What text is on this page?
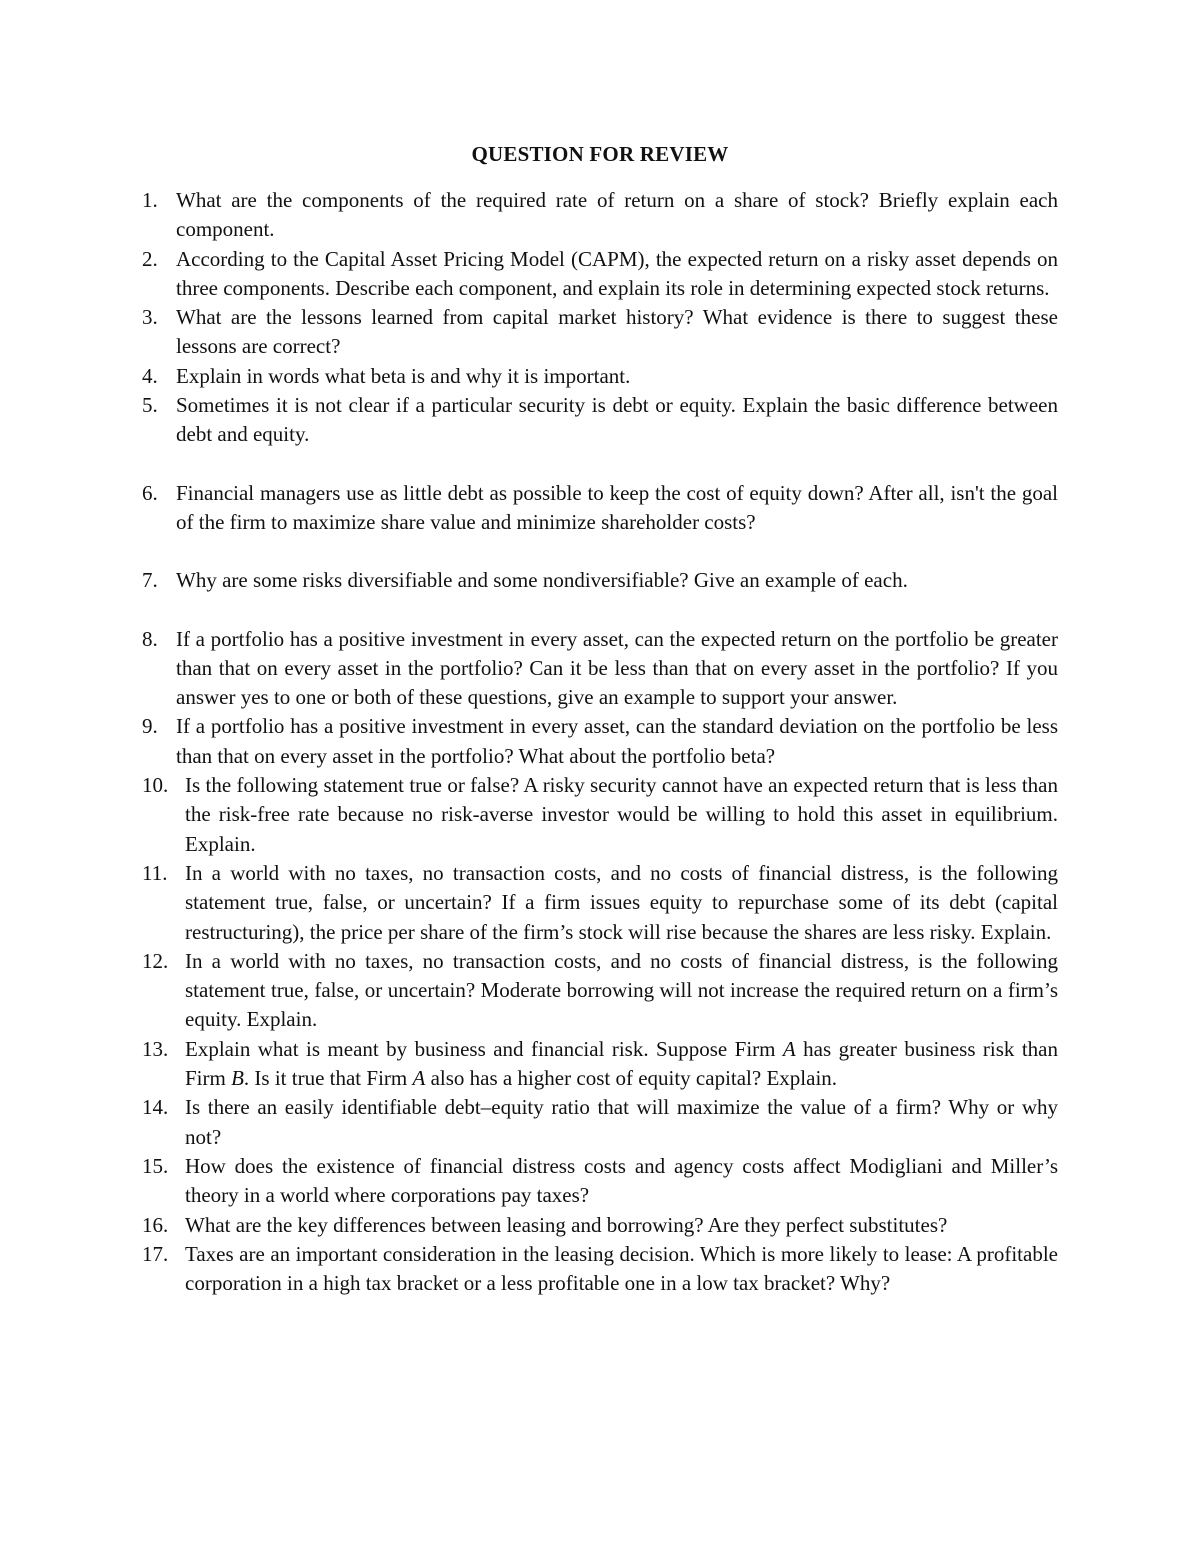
QUESTION FOR REVIEW
1. What are the components of the required rate of return on a share of stock? Briefly explain each component.
2. According to the Capital Asset Pricing Model (CAPM), the expected return on a risky asset depends on three components. Describe each component, and explain its role in determining expected stock returns.
3. What are the lessons learned from capital market history? What evidence is there to suggest these lessons are correct?
4. Explain in words what beta is and why it is important.
5. Sometimes it is not clear if a particular security is debt or equity. Explain the basic difference between debt and equity.
6. Financial managers use as little debt as possible to keep the cost of equity down? After all, isn't the goal of the firm to maximize share value and minimize shareholder costs?
7. Why are some risks diversifiable and some nondiversifiable? Give an example of each.
8. If a portfolio has a positive investment in every asset, can the expected return on the portfolio be greater than that on every asset in the portfolio? Can it be less than that on every asset in the portfolio? If you answer yes to one or both of these questions, give an example to support your answer.
9. If a portfolio has a positive investment in every asset, can the standard deviation on the portfolio be less than that on every asset in the portfolio? What about the portfolio beta?
10. Is the following statement true or false? A risky security cannot have an expected return that is less than the risk-free rate because no risk-averse investor would be willing to hold this asset in equilibrium. Explain.
11. In a world with no taxes, no transaction costs, and no costs of financial distress, is the following statement true, false, or uncertain? If a firm issues equity to repurchase some of its debt (capital restructuring), the price per share of the firm’s stock will rise because the shares are less risky. Explain.
12. In a world with no taxes, no transaction costs, and no costs of financial distress, is the following statement true, false, or uncertain? Moderate borrowing will not increase the required return on a firm’s equity. Explain.
13. Explain what is meant by business and financial risk. Suppose Firm A has greater business risk than Firm B. Is it true that Firm A also has a higher cost of equity capital? Explain.
14. Is there an easily identifiable debt–equity ratio that will maximize the value of a firm? Why or why not?
15. How does the existence of financial distress costs and agency costs affect Modigliani and Miller’s theory in a world where corporations pay taxes?
16. What are the key differences between leasing and borrowing? Are they perfect substitutes?
17. Taxes are an important consideration in the leasing decision. Which is more likely to lease: A profitable corporation in a high tax bracket or a less profitable one in a low tax bracket? Why?
